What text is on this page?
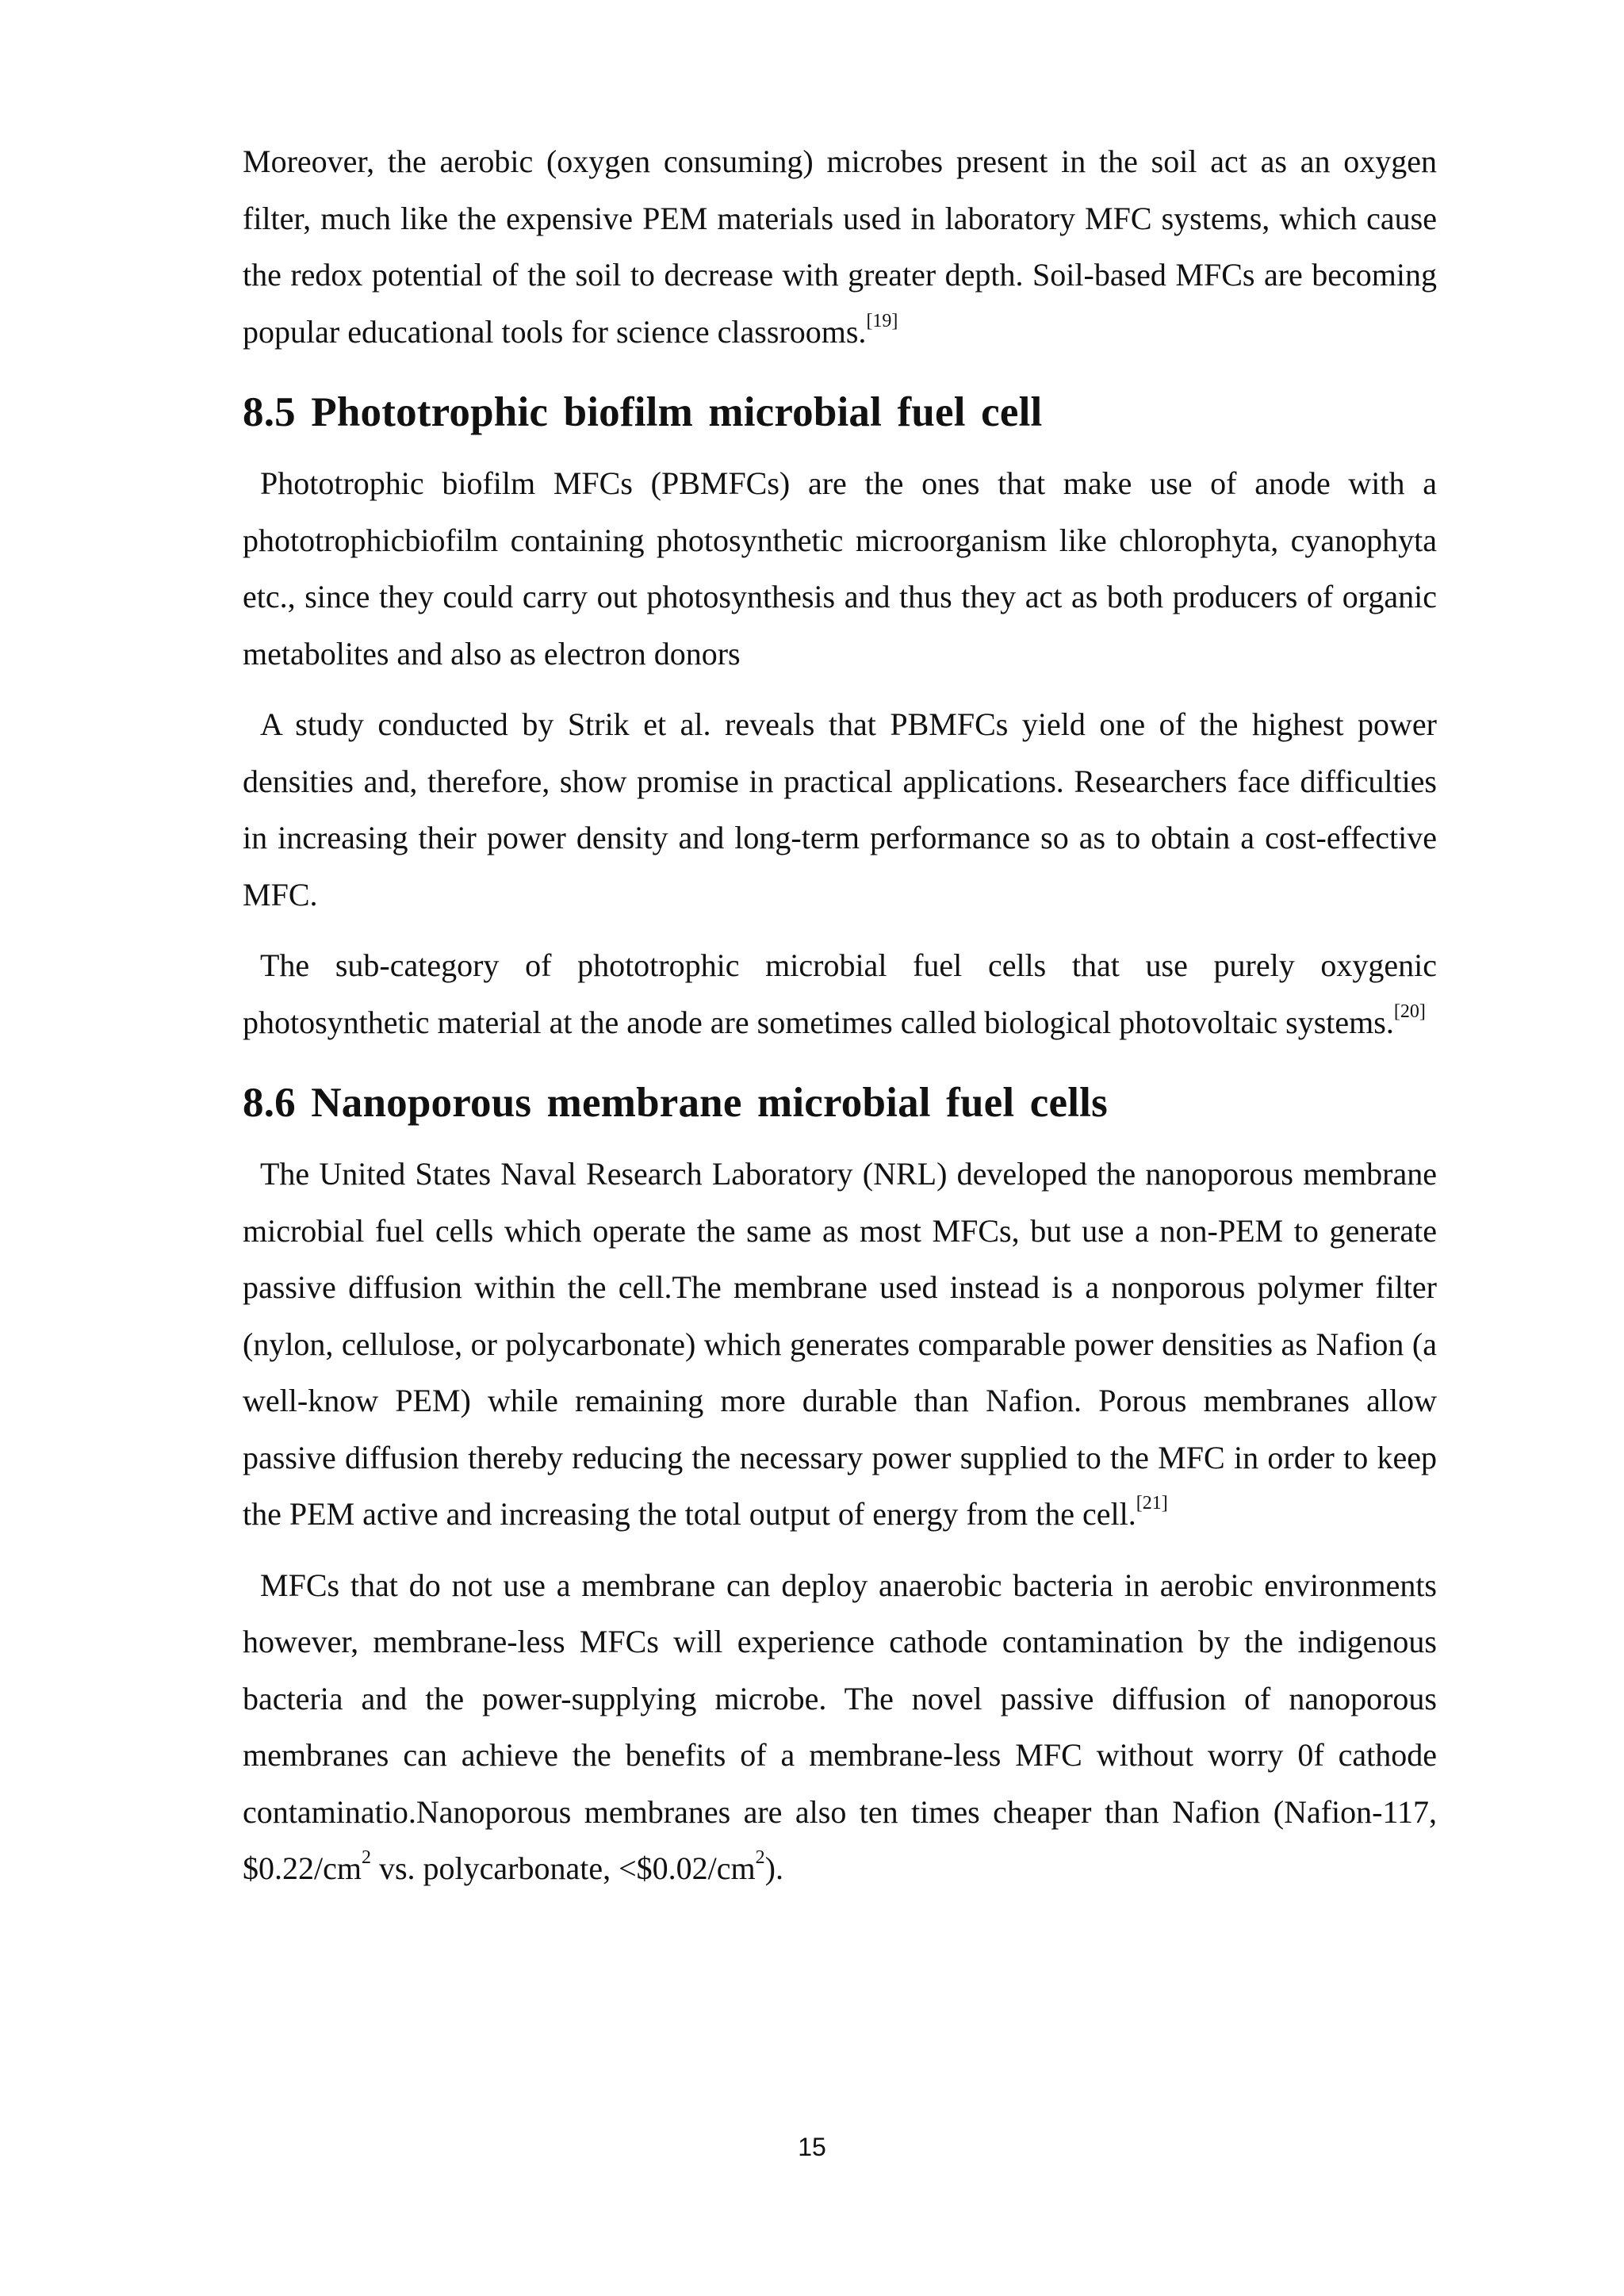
Moreover, the aerobic (oxygen consuming) microbes present in the soil act as an oxygen filter, much like the expensive PEM materials used in laboratory MFC systems, which cause the redox potential of the soil to decrease with greater depth. Soil-based MFCs are becoming popular educational tools for science classrooms.[19]

8.5 Phototrophic biofilm microbial fuel cell

Phototrophic biofilm MFCs (PBMFCs) are the ones that make use of anode with a phototrophicbiofilm containing photosynthetic microorganism like chlorophyta, cyanophyta etc., since they could carry out photosynthesis and thus they act as both producers of organic metabolites and also as electron donors

A study conducted by Strik et al. reveals that PBMFCs yield one of the highest power densities and, therefore, show promise in practical applications. Researchers face difficulties in increasing their power density and long-term performance so as to obtain a cost-effective MFC.

The sub-category of phototrophic microbial fuel cells that use purely oxygenic photosynthetic material at the anode are sometimes called biological photovoltaic systems.[20]

8.6 Nanoporous membrane microbial fuel cells

The United States Naval Research Laboratory (NRL) developed the nanoporous membrane microbial fuel cells which operate the same as most MFCs, but use a non-PEM to generate passive diffusion within the cell.The membrane used instead is a nonporous polymer filter (nylon, cellulose, or polycarbonate) which generates comparable power densities as Nafion (a well-know PEM) while remaining more durable than Nafion. Porous membranes allow passive diffusion thereby reducing the necessary power supplied to the MFC in order to keep the PEM active and increasing the total output of energy from the cell.[21]

MFCs that do not use a membrane can deploy anaerobic bacteria in aerobic environments however, membrane-less MFCs will experience cathode contamination by the indigenous bacteria and the power-supplying microbe. The novel passive diffusion of nanoporous membranes can achieve the benefits of a membrane-less MFC without worry 0f cathode contaminatio.Nanoporous membranes are also ten times cheaper than Nafion (Nafion-117, $\$0.22/cm^2$ vs. polycarbonate, $<\$0.02/cm^2$).

15
